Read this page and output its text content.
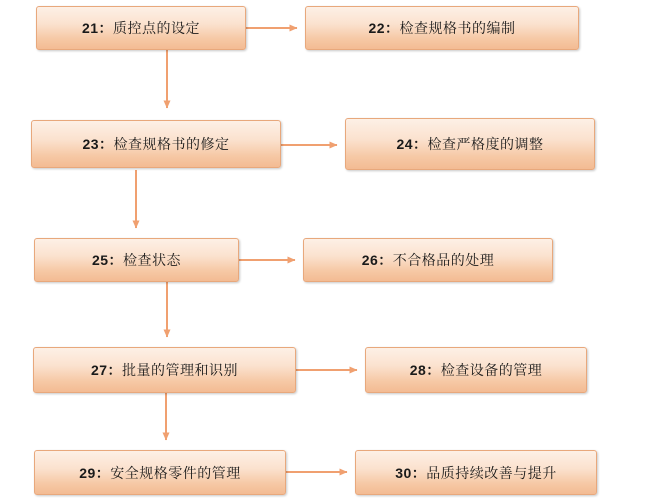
21： 质控点的设定	22： 检查规格书的编制
23： 检查规格书的修定	24： 检查严格度的调整
25： 检查状态	26： 不合格品的处理
27： 批量的管理和识别	28： 检查设备的管理
29： 安全规格零件的管理	30： 品质持续改善与提升
